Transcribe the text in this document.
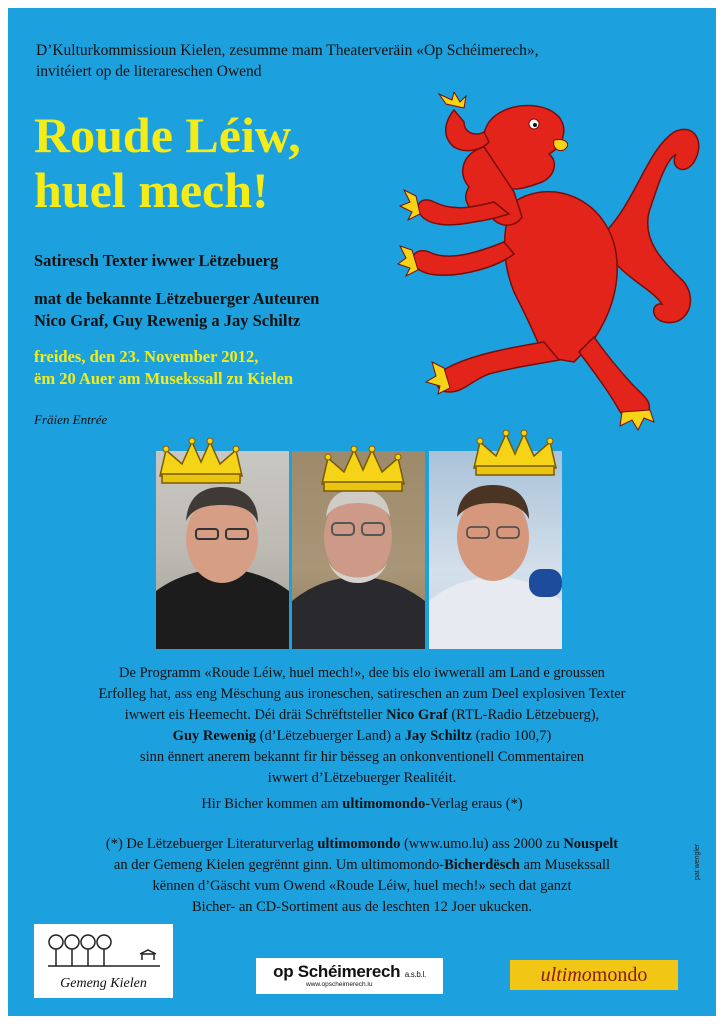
D’Kulturkommissioun Kielen, zesumme mam Theaterveräin «Op Schéimerech»,
invitéiert op de literareschen Owend
Roude Léiw,
huel mech!
Satiresch Texter iwwer Lëtzebuerg
mat de bekannte Lëtzebuerger Auteuren
Nico Graf, Guy Rewenig a Jay Schiltz
freides, den 23. November 2012,
ëm 20 Auer am Musekssall zu Kielen
Fräien Entrée
De Programm «Roude Léiw, huel mech!», dee bis elo iwwerall am Land e groussen
Erfolleg hat, ass eng Mëschung aus ironeschen, satireschen an zum Deel explosiven Texter
iwwert eis Heemecht. Déi dräi Schrëftsteller Nico Graf (RTL-Radio Lëtzebuerg),
Guy Rewenig (d’Lëtzebuerger Land) a Jay Schiltz (radio 100,7)
sinn ënnert anerem bekannt fir hir bësseg an onkonventionell Commentairen
iwwert d’Lëtzebuerger Realitéit.
Hir Bicher kommen am ultimomondo-Verlag eraus (*)
(*) De Lëtzebuerger Literaturverlag ultimomondo (www.umo.lu) ass 2000 zu Nouspelt
an der Gemeng Kielen gegrënnt ginn. Um ultimomondo-Bicherdësch am Musekssall
kënnen d’Gäscht vum Owend «Roude Léiw, huel mech!» sech dat ganzt
Bicher- an CD-Sortiment aus de leschten 12 Joer ukucken.
pat wengler
Gemeng Kielen
op Schéimerech a.s.b.l.
www.opscheimerech.lu	ultimomondo
